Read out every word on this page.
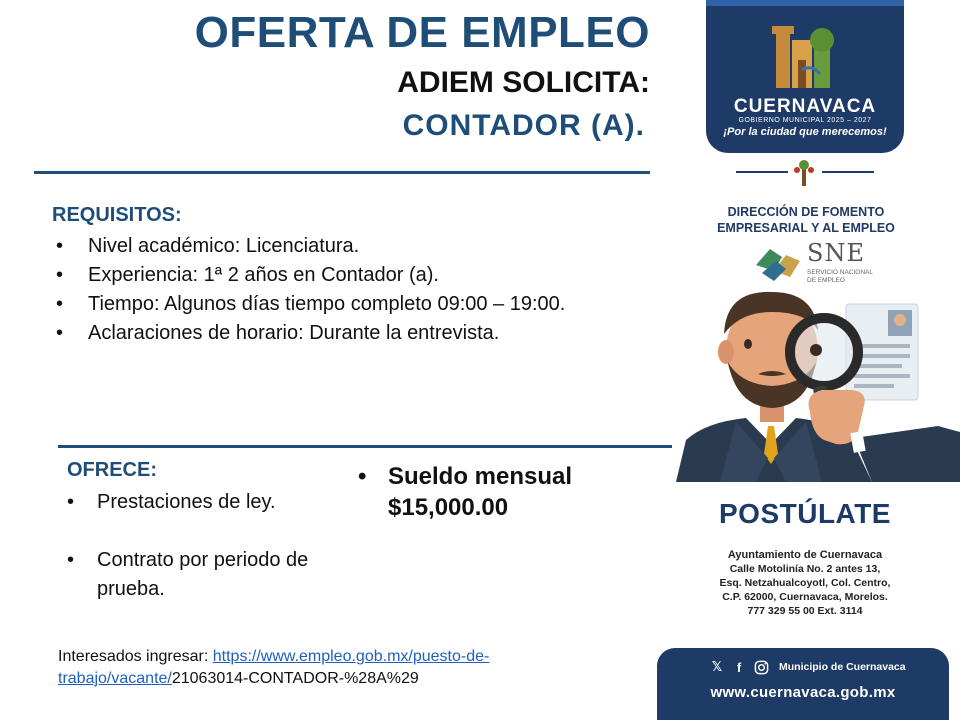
OFERTA DE EMPLEO
ADIEM SOLICITA:
CONTADOR (A).
REQUISITOS:
• Nivel académico: Licenciatura.
• Experiencia: 1ª 2 años en Contador (a).
• Tiempo: Algunos días tiempo completo 09:00 – 19:00.
• Aclaraciones de horario: Durante la entrevista.
OFRECE:
• Prestaciones de ley.
• Contrato por periodo de prueba.
• Sueldo mensual
$15,000.00
Interesados ingresar: https://www.empleo.gob.mx/puesto-de-trabajo/vacante/21063014-CONTADOR-%28A%29
CUERNAVACA
GOBIERNO MUNICIPAL 2025 – 2027
¡Por la ciudad que merecemos!
DIRECCIÓN DE FOMENTO
EMPRESARIAL Y AL EMPLEO
SNE
SERVICIO NACIONAL
DE EMPLEO
POSTÚLATE
Ayuntamiento de Cuernavaca
Calle Motolinía No. 2 antes 13,
Esq. Netzahualcoyotl, Col. Centro,
C.P. 62000, Cuernavaca, Morelos.
777 329 55 00 Ext. 3114
𝕏	f	Municipio de Cuernavaca
www.cuernavaca.gob.mx
